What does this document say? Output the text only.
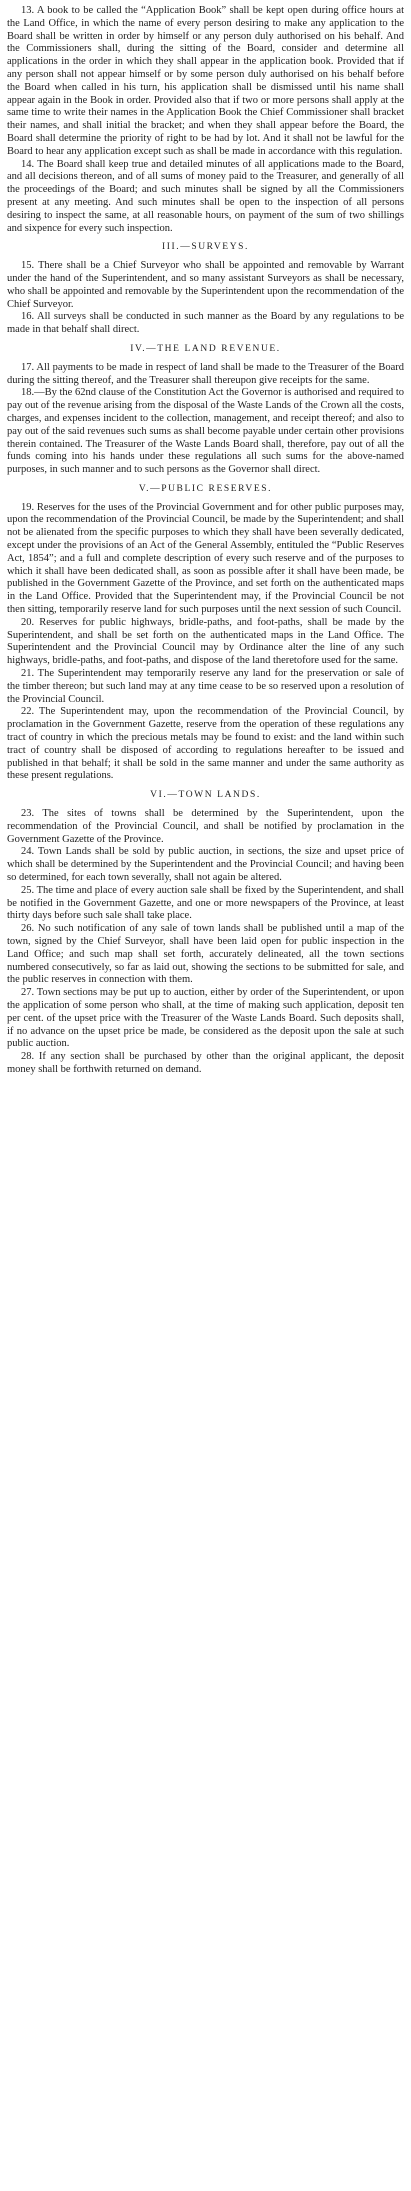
13. A book to be called the “Application Book” shall be kept open during office hours at the Land Office, in which the name of every person desiring to make any application to the Board shall be written in order by himself or any person duly authorised on his behalf. And the Commissioners shall, during the sitting of the Board, consider and determine all applications in the order in which they shall appear in the application book. Provided that if any person shall not appear himself or by some person duly authorised on his behalf before the Board when called in his turn, his application shall be dismissed until his name shall appear again in the Book in order. Provided also that if two or more persons shall apply at the same time to write their names in the Application Book the Chief Commissioner shall bracket their names, and shall initial the bracket; and when they shall appear before the Board, the Board shall determine the priority of right to be had by lot. And it shall not be lawful for the Board to hear any application except such as shall be made in accordance with this regulation.

14. The Board shall keep true and detailed minutes of all applications made to the Board, and all decisions thereon, and of all sums of money paid to the Treasurer, and generally of all the proceedings of the Board; and such minutes shall be signed by all the Commissioners present at any meeting. And such minutes shall be open to the inspection of all persons desiring to inspect the same, at all reasonable hours, on payment of the sum of two shillings and sixpence for every such inspection.

III.—SURVEYS.

15. There shall be a Chief Surveyor who shall be appointed and removable by Warrant under the hand of the Superintendent, and so many assistant Surveyors as shall be necessary, who shall be appointed and removable by the Superintendent upon the recommendation of the Chief Surveyor.

16. All surveys shall be conducted in such manner as the Board by any regulations to be made in that behalf shall direct.

IV.—THE LAND REVENUE.

17. All payments to be made in respect of land shall be made to the Treasurer of the Board during the sitting thereof, and the Treasurer shall thereupon give receipts for the same.

18.—By the 62nd clause of the Constitution Act the Governor is authorised and required to pay out of the revenue arising from the disposal of the Waste Lands of the Crown all the costs, charges, and expenses incident to the collection, management, and receipt thereof; and also to pay out of the said revenues such sums as shall become payable under certain other provisions therein contained. The Treasurer of the Waste Lands Board shall, therefore, pay out of all the funds coming into his hands under these regulations all such sums for the above-named purposes, in such manner and to such persons as the Governor shall direct.

V.—PUBLIC RESERVES.

19. Reserves for the uses of the Provincial Government and for other public purposes may, upon the recommendation of the Provincial Council, be made by the Superintendent; and shall not be alienated from the specific purposes to which they shall have been severally dedicated, except under the provisions of an Act of the General Assembly, entituled the “Public Reserves Act, 1854”; and a full and complete description of every such reserve and of the purposes to which it shall have been dedicated shall, as soon as possible after it shall have been made, be published in the Government Gazette of the Province, and set forth on the authenticated maps in the Land Office. Provided that the Superintendent may, if the Provincial Council be not then sitting, temporarily reserve land for such purposes until the next session of such Council.

20. Reserves for public highways, bridle-paths, and foot-paths, shall be made by the Superintendent, and shall be set forth on the authenticated maps in the Land Office. The Superintendent and the Provincial Council may by Ordinance alter the line of any such highways, bridle-paths, and foot-paths, and dispose of the land theretofore used for the same.

21. The Superintendent may temporarily reserve any land for the preservation or sale of the timber thereon; but such land may at any time cease to be so reserved upon a resolution of the Provincial Council.

22. The Superintendent may, upon the recommendation of the Provincial Council, by proclamation in the Government Gazette, reserve from the operation of these regulations any tract of country in which the precious metals may be found to exist: and the land within such tract of country shall be disposed of according to regulations hereafter to be issued and published in that behalf; it shall be sold in the same manner and under the same authority as these present regulations.

VI.—TOWN LANDS.

23. The sites of towns shall be determined by the Superintendent, upon the recommendation of the Provincial Council, and shall be notified by proclamation in the Government Gazette of the Province.

24. Town Lands shall be sold by public auction, in sections, the size and upset price of which shall be determined by the Superintendent and the Provincial Council; and having been so determined, for each town severally, shall not again be altered.

25. The time and place of every auction sale shall be fixed by the Superintendent, and shall be notified in the Government Gazette, and one or more newspapers of the Province, at least thirty days before such sale shall take place.

26. No such notification of any sale of town lands shall be published until a map of the town, signed by the Chief Surveyor, shall have been laid open for public inspection in the Land Office; and such map shall set forth, accurately delineated, all the town sections numbered consecutively, so far as laid out, showing the sections to be submitted for sale, and the public reserves in connection with them.

27. Town sections may be put up to auction, either by order of the Superintendent, or upon the application of some person who shall, at the time of making such application, deposit ten per cent. of the upset price with the Treasurer of the Waste Lands Board. Such deposits shall, if no advance on the upset price be made, be considered as the deposit upon the sale at such public auction.

28. If any section shall be purchased by other than the original applicant, the deposit money shall be forthwith returned on demand.
